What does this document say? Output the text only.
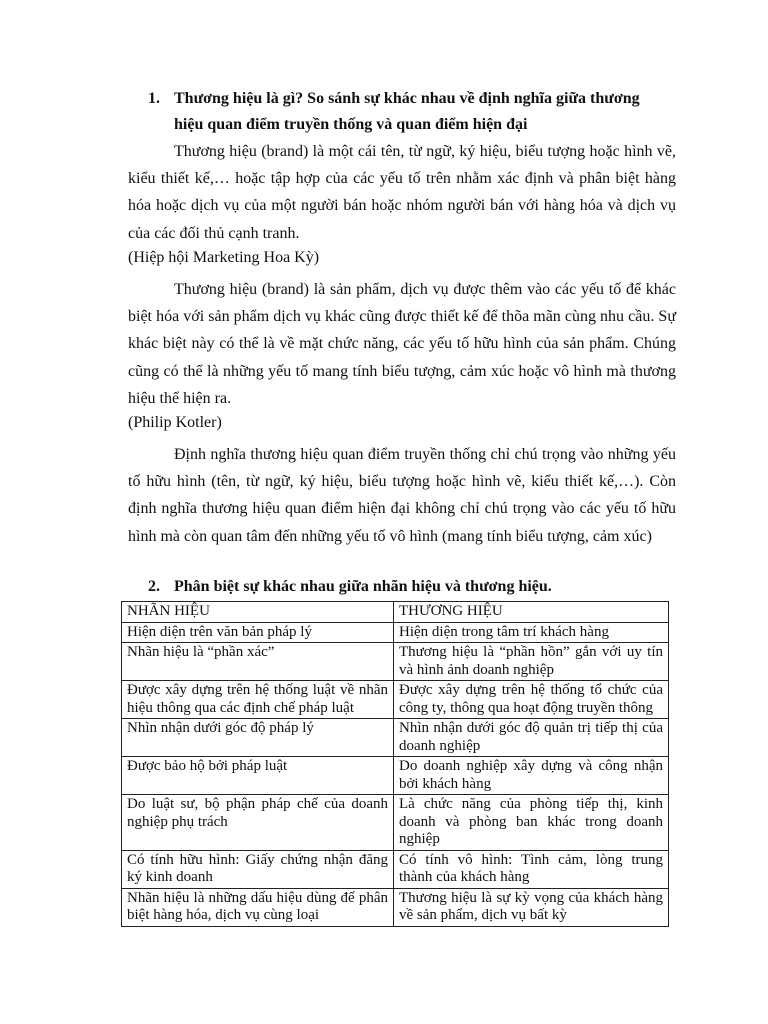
1. Thương hiệu là gì? So sánh sự khác nhau về định nghĩa giữa thương
hiệu quan điểm truyền thống và quan điểm hiện đại
Thương hiệu (brand) là một cái tên, từ ngữ, ký hiệu, biểu tượng hoặc hình vẽ, kiểu thiết kế,… hoặc tập hợp của các yếu tố trên nhằm xác định và phân biệt hàng hóa hoặc dịch vụ của một người bán hoặc nhóm người bán với hàng hóa và dịch vụ của các đối thủ cạnh tranh.
(Hiệp hội Marketing Hoa Kỳ)
Thương hiệu (brand) là sản phẩm, dịch vụ được thêm vào các yếu tố để khác biệt hóa với sản phẩm dịch vụ khác cũng được thiết kế để thõa mãn cùng nhu cầu. Sự khác biệt này có thể là về mặt chức năng, các yếu tố hữu hình của sản phẩm. Chúng cũng có thể là những yếu tố mang tính biểu tượng, cảm xúc hoặc vô hình mà thương hiệu thể hiện ra.
(Philip Kotler)
Định nghĩa thương hiệu quan điểm truyền thống chỉ chú trọng vào những yếu tố hữu hình (tên, từ ngữ, ký hiệu, biểu tượng hoặc hình vẽ, kiểu thiết kế,…). Còn định nghĩa thương hiệu quan điểm hiện đại không chỉ chú trọng vào các yếu tố hữu hình mà còn quan tâm đến những yếu tố vô hình (mang tính biểu tượng, cảm xúc)
2. Phân biệt sự khác nhau giữa nhãn hiệu và thương hiệu.
NHÃN HIỆU	THƯƠNG HIỆU
Hiện diện trên văn bản pháp lý	Hiện diện trong tâm trí khách hàng
Nhãn hiệu là “phần xác”	Thương hiệu là “phần hồn” gắn với uy tín và hình ảnh doanh nghiệp
Được xây dựng trên hệ thống luật về nhãn hiệu thông qua các định chế pháp luật	Được xây dựng trên hệ thống tổ chức của công ty, thông qua hoạt động truyền thông
Nhìn nhận dưới góc độ pháp lý	Nhìn nhận dưới góc độ quản trị tiếp thị của doanh nghiệp
Được bảo hộ bởi pháp luật	Do doanh nghiệp xây dựng và công nhận bởi khách hàng
Do luật sư, bộ phận pháp chế của doanh nghiệp phụ trách	Là chức năng của phòng tiếp thị, kinh doanh và phòng ban khác trong doanh nghiệp
Có tính hữu hình: Giấy chứng nhận đăng ký kinh doanh	Có tính vô hình: Tình cảm, lòng trung thành của khách hàng
Nhãn hiệu là những dấu hiệu dùng để phân biệt hàng hóa, dịch vụ cùng loại	Thương hiệu là sự kỳ vọng của khách hàng về sản phẩm, dịch vụ bất kỳ
